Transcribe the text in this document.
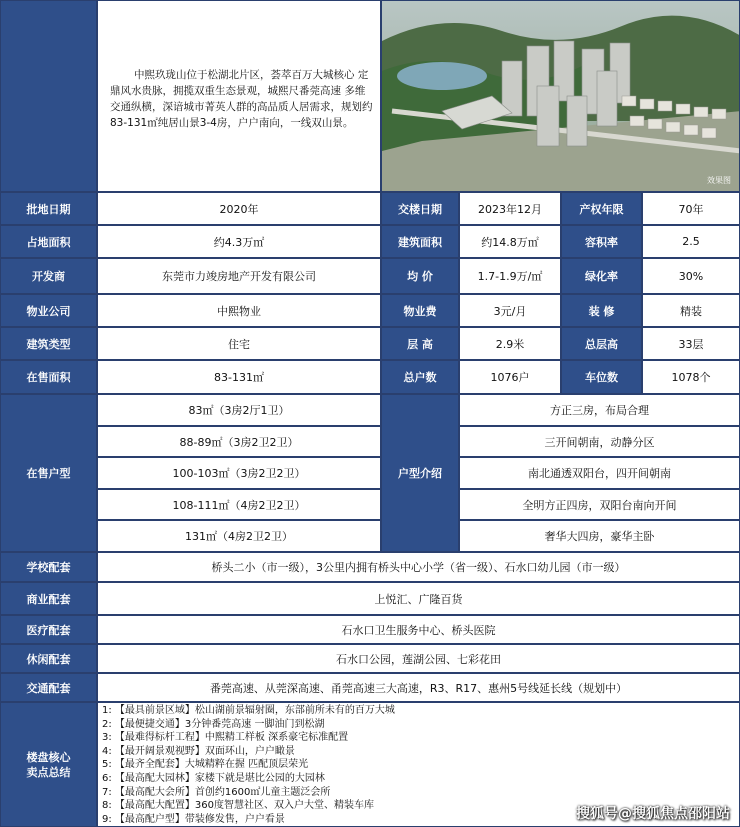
中熙玖珑山位于松湖北片区，荟萃百万大城核心 定鼎风水贵脉，拥揽双重生态景观，城熙尺番莞高速 多维交通纵横，深谙城市菁英人群的高品质人居需求，规划约83-131㎡纯居山景3-4房，户户南向，一线双山景。
效果图
批地日期	2020年	交楼日期	2023年12月	产权年限	70年
占地面积	约4.3万㎡	建筑面积	约14.8万㎡	容积率	2.5
开发商	东莞市力竣房地产开发有限公司	均 价	1.7-1.9万/㎡	绿化率	30%
物业公司	中熙物业	物业费	3元/月	装 修	精装
建筑类型	住宅	层 高	2.9米	总层高	33层
在售面积	83-131㎡	总户数	1076户	车位数	1078个
在售户型	户型介绍
83㎡（3房2厅1卫）	方正三房，布局合理
88-89㎡（3房2卫2卫）	三开间朝南，动静分区
100-103㎡（3房2卫2卫）	南北通透双阳台，四开间朝南
108-111㎡（4房2卫2卫）	全明方正四房，双阳台南向开间
131㎡（4房2卫2卫）	奢华大四房，豪华主卧
学校配套	桥头二小（市一级），3公里内拥有桥头中心小学（省一级）、石水口幼儿园（市一级）
商业配套	上悦汇、广隆百货
医疗配套	石水口卫生服务中心、桥头医院
休闲配套	石水口公园，莲湖公园、七彩花田
交通配套	番莞高速、从莞深高速、甬莞高速三大高速，R3、R17、惠州5号线延长线（规划中）
楼盘核心
卖点总结
1: 【最具前景区域】松山湖前景辐射圈，东部前所未有的百万大城
2: 【最便捷交通】3分钟番莞高速 一脚油门到松湖
3: 【最难得标杆工程】中熙精工样板 深系豪宅标准配置
4: 【最开阔景观视野】双面环山，户户瞰景
5: 【最齐全配套】大城精粹在握 匹配顶层荣光
6: 【最高配大园林】家楼下就是堪比公园的大园林
7: 【最高配大会所】首创约1600㎡儿童主题泛会所
8: 【最高配大配置】360度智慧社区、双入户大堂、精装车库
9: 【最高配户型】带装修发售，户户看景	搜狐号@搜狐焦点邵阳站
